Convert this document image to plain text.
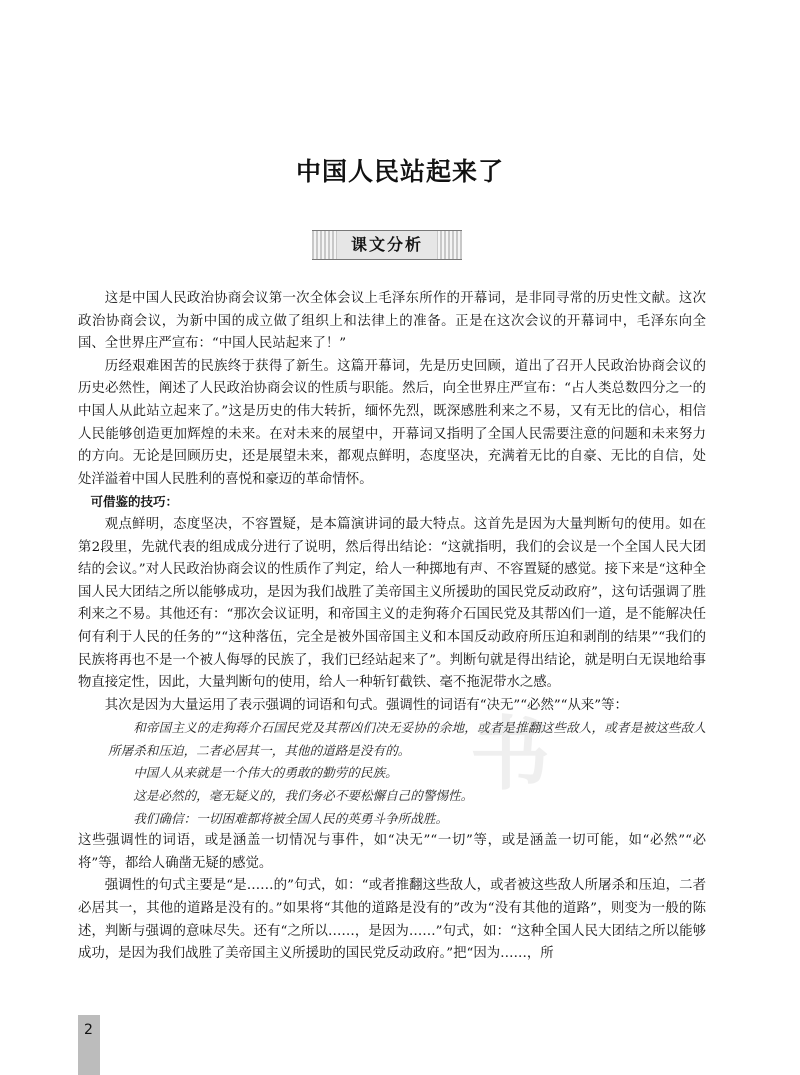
中国人民站起来了
课文分析
书

这是中国人民政治协商会议第一次全体会议上毛泽东所作的开幕词，是非同寻常的历史性文献。这次政治协商会议，为新中国的成立做了组织上和法律上的准备。正是在这次会议的开幕词中，毛泽东向全国、全世界庄严宣布：“中国人民站起来了！”

历经艰难困苦的民族终于获得了新生。这篇开幕词，先是历史回顾，道出了召开人民政治协商会议的历史必然性，阐述了人民政治协商会议的性质与职能。然后，向全世界庄严宣布：“占人类总数四分之一的中国人从此站立起来了。”这是历史的伟大转折，缅怀先烈，既深感胜利来之不易，又有无比的信心，相信人民能够创造更加辉煌的未来。在对未来的展望中，开幕词又指明了全国人民需要注意的问题和未来努力的方向。无论是回顾历史，还是展望未来，都观点鲜明，态度坚决，充满着无比的自豪、无比的自信，处处洋溢着中国人民胜利的喜悦和豪迈的革命情怀。

可借鉴的技巧：

观点鲜明，态度坚决，不容置疑，是本篇演讲词的最大特点。这首先是因为大量判断句的使用。如在第2段里，先就代表的组成成分进行了说明，然后得出结论：“这就指明，我们的会议是一个全国人民大团结的会议。”对人民政治协商会议的性质作了判定，给人一种掷地有声、不容置疑的感觉。接下来是“这种全国人民大团结之所以能够成功，是因为我们战胜了美帝国主义所援助的国民党反动政府”，这句话强调了胜利来之不易。其他还有：“那次会议证明，和帝国主义的走狗蒋介石国民党及其帮凶们一道，是不能解决任何有利于人民的任务的”“这种落伍，完全是被外国帝国主义和本国反动政府所压迫和剥削的结果”“我们的民族将再也不是一个被人侮辱的民族了，我们已经站起来了”。判断句就是得出结论，就是明白无误地给事物直接定性，因此，大量判断句的使用，给人一种斩钉截铁、毫不拖泥带水之感。

其次是因为大量运用了表示强调的词语和句式。强调性的词语有“决无”“必然”“从来”等：

和帝国主义的走狗蒋介石国民党及其帮凶们决无妥协的余地，或者是推翻这些敌人，或者是被这些敌人所屠杀和压迫，二者必居其一，其他的道路是没有的。

中国人从来就是一个伟大的勇敢的勤劳的民族。

这是必然的，毫无疑义的，我们务必不要松懈自己的警惕性。

我们确信：一切困难都将被全国人民的英勇斗争所战胜。

这些强调性的词语，或是涵盖一切情况与事件，如“决无”“一切”等，或是涵盖一切可能，如“必然”“必将”等，都给人确凿无疑的感觉。

强调性的句式主要是“是……的”句式，如：“或者推翻这些敌人，或者被这些敌人所屠杀和压迫，二者必居其一，其他的道路是没有的。”如果将“其他的道路是没有的”改为“没有其他的道路”，则变为一般的陈述，判断与强调的意味尽失。还有“之所以……，是因为……”句式，如：“这种全国人民大团结之所以能够成功，是因为我们战胜了美帝国主义所援助的国民党反动政府。”把“因为……，所

2
